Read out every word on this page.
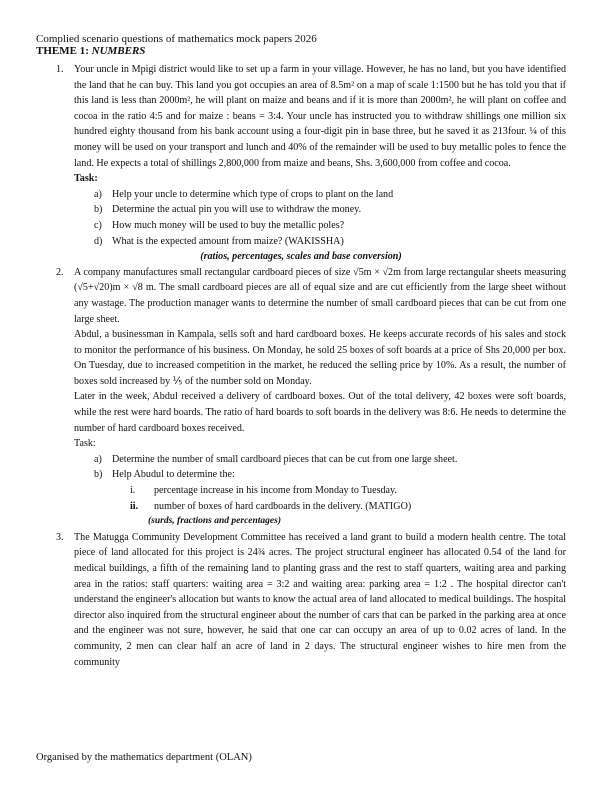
Complied scenario questions of mathematics mock papers 2026
THEME 1: NUMBERS

1. Your uncle in Mpigi district would like to set up a farm in your village. However, he has no land, but you have identified the land that he can buy. This land you got occupies an area of 8.5m² on a map of scale 1:1500 but he has told you that if this land is less than 2000m², he will plant on maize and beans and if it is more than 2000m², he will plant on coffee and cocoa in the ratio 4:5 and for maize : beans = 3:4. Your uncle has instructed you to withdraw shillings one million six hundred eighty thousand from his bank account using a four-digit pin in base three, but he saved it as 213four. ¼ of this money will be used on your transport and lunch and 40% of the remainder will be used to buy metallic poles to fence the land. He expects a total of shillings 2,800,000 from maize and beans, Shs. 3,600,000 from coffee and cocoa.

Task:
a) Help your uncle to determine which type of crops to plant on the land
b) Determine the actual pin you will use to withdraw the money.
c) How much money will be used to buy the metallic poles?
d) What is the expected amount from maize? (WAKISSHA)
(ratios, percentages, scales and base conversion)

2. A company manufactures small rectangular cardboard pieces of size √5m × √2m from large rectangular sheets measuring (√5+√20)m × √8 m. The small cardboard pieces are all of equal size and are cut efficiently from the large sheet without any wastage. The production manager wants to determine the number of small cardboard pieces that can be cut from one large sheet.

Abdul, a businessman in Kampala, sells soft and hard cardboard boxes. He keeps accurate records of his sales and stock to monitor the performance of his business. On Monday, he sold 25 boxes of soft boards at a price of Shs 20,000 per box. On Tuesday, due to increased competition in the market, he reduced the selling price by 10%. As a result, the number of boxes sold increased by ⅕ of the number sold on Monday.

Later in the week, Abdul received a delivery of cardboard boxes. Out of the total delivery, 42 boxes were soft boards, while the rest were hard boards. The ratio of hard boards to soft boards in the delivery was 8:6. He needs to determine the number of hard cardboard boxes received.

Task:
a) Determine the number of small cardboard pieces that can be cut from one large sheet.
b) Help Abudul to determine the:
i. percentage increase in his income from Monday to Tuesday.
ii. number of boxes of hard cardboards in the delivery. (MATIGO)
(surds, fractions and percentages)

3. The Matugga Community Development Committee has received a land grant to build a modern health centre. The total piece of land allocated for this project is 24¾ acres. The project structural engineer has allocated 0.54 of the land for medical buildings, a fifth of the remaining land to planting grass and the rest to staff quarters, waiting area and parking area in the ratios: staff quarters: waiting area = 3:2 and waiting area: parking area = 1:2 . The hospital director can't understand the engineer's allocation but wants to know the actual area of land allocated to medical buildings. The hospital director also inquired from the structural engineer about the number of cars that can be parked in the parking area at once and the engineer was not sure, however, he said that one car can occupy an area of up to 0.02 acres of land. In the community, 2 men can clear half an acre of land in 2 days. The structural engineer wishes to hire men from the community

Organised by the mathematics department (OLAN)
